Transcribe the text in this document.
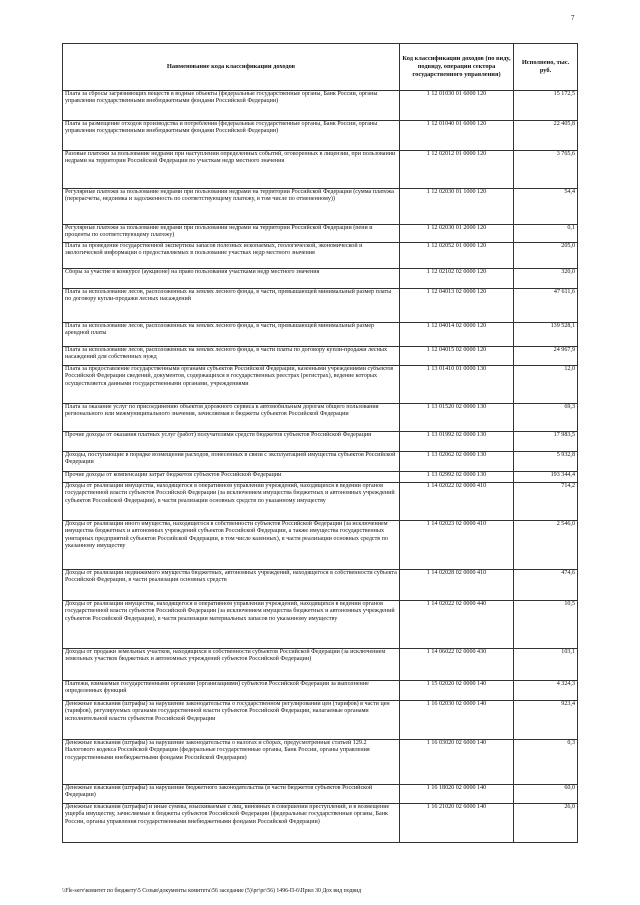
7
Наименование кода классификации доходов	Код классификации доходов (по виду, подвиду, операции сектора государственного управления)	Исполнено, тыс. руб.
Плата за сбросы загрязняющих веществ в водные объекты (федеральные государственные органы, Банк России, органы управления государственными внебюджетными фондами Российской Федерации)	1 12 01030 01 6000 120	15 172,5
Плата за размещение отходов производства и потребления (федеральные государственные органы, Банк России, органы управления государственными внебюджетными фондами Российской Федерации)	1 12 01040 01 6000 120	22 405,8
Разовые платежи за пользование недрами при наступлении определенных событий, оговоренных в лицензии, при пользовании недрами на территории Российской Федерации по участкам недр местного значения	1 12 02012 01 0000 120	3 765,6
Регулярные платежи за пользование недрами при пользовании недрами на территории Российской Федерации (сумма платежа (перерасчеты, недоимка и задолженность по соответствующему платежу, в том числе по отмененному))	1 12 02030 01 1000 120	54,4
Регулярные платежи за пользование недрами при пользовании недрами на территории Российской Федерации (пени и проценты по соответствующему платежу)	1 12 02030 01 2000 120	0,1
Плата за проведение государственной экспертизы запасов полезных ископаемых, геологической, экономической и экологической информации о предоставляемых в пользование участках недр местного значения	1 12 02052 01 0000 120	205,0
Сборы за участие в конкурсе (аукционе) на право пользования участками недр местного значения	1 12 02102 02 0000 120	320,0
Плата за использование лесов, расположенных на землях лесного фонда, в части, превышающей минимальный размер платы по договору купли-продажи лесных насаждений	1 12 04013 02 0000 120	47 611,6
Плата за использование лесов, расположенных на землях лесного фонда, в части, превышающей минимальный размер арендной платы	1 12 04014 02 0000 120	139 528,1
Плата за использование лесов, расположенных на землях лесного фонда, в части платы по договору купли-продажи лесных насаждений для собственных нужд	1 12 04015 02 0000 120	24 967,9
Плата за предоставление государственными органами субъектов Российской Федерации, казенными учреждениями субъектов Российской Федерации сведений, документов, содержащихся в государственных реестрах (регистрах), ведение которых осуществляется данными государственными органами, учреждениями	1 13 01410 01 0000 130	12,0
Плата за оказание услуг по присоединению объектов дорожного сервиса к автомобильным дорогам общего пользования регионального или межмуниципального значения, зачисляемая в бюджеты субъектов Российской Федерации	1 13 01520 02 0000 130	69,3
Прочие доходы от оказания платных услуг (работ) получателями средств бюджетов субъектов Российской Федерации	1 13 01992 02 0000 130	17 983,5
Доходы, поступающие в порядке возмещения расходов, понесенных в связи с эксплуатацией имущества субъектов Российской Федерации	1 13 02062 02 0000 130	5 932,8
Прочие доходы от компенсации затрат бюджетов субъектов Российской Федерации	1 13 02992 02 0000 130	193 344,4
Доходы от реализации имущества, находящегося в оперативном управлении учреждений, находящихся в ведении органов государственной власти субъектов Российской Федерации (за исключением имущества бюджетных и автономных учреждений субъектов Российской Федерации), в части реализации основных средств по указанному имуществу	1 14 02022 02 0000 410	714,2
Доходы от реализации иного имущества, находящегося в собственности субъектов Российской Федерации (за исключением имущества бюджетных и автономных учреждений субъектов Российской Федерации, а также имущества государственных унитарных предприятий субъектов Российской Федерации, в том числе казенных), в части реализации основных средств по указанному имуществу	1 14 02023 02 0000 410	2 546,0
Доходы от реализации недвижимого имущества бюджетных, автономных учреждений, находящегося в собственности субъекта Российской Федерации, в части реализации основных средств	1 14 02028 02 0000 410	474,6
Доходы от реализации имущества, находящегося в оперативном управлении учреждений, находящихся в ведении органов государственной власти субъектов Российской Федерации (за исключением имущества бюджетных и автономных учреждений субъектов Российской Федерации), в части реализации материальных запасов по указанному имуществу	1 14 02022 02 0000 440	10,5
Доходы от продажи земельных участков, находящихся в собственности субъектов Российской Федерации (за исключением земельных участков бюджетных и автономных учреждений субъектов Российской Федерации)	1 14 06022 02 0000 430	103,1
Платежи, взимаемые государственными органами (организациями) субъектов Российской Федерации за выполнение определенных функций	1 15 02020 02 0000 140	4 324,3
Денежные взыскания (штрафы) за нарушение законодательства о государственном регулировании цен (тарифов) в части цен (тарифов), регулируемых органами государственной власти субъектов Российской Федерации, налагаемые органами исполнительной власти субъектов Российской Федерации	1 16 02030 02 0000 140	923,4
Денежные взыскания (штрафы) за нарушение законодательства о налогах и сборах, предусмотренные статьей 129.2 Налогового кодекса Российской Федерации (федеральные государственные органы, Банк России, органы управления государственными внебюджетными фондами Российской Федерации)	1 16 03020 02 6000 140	0,3
Денежные взыскания (штрафы) за нарушение бюджетного законодательства (в части бюджетов субъектов Российской Федерации)	1 16 18020 02 0000 140	60,0
Денежные взыскания (штрафы) и иные суммы, взыскиваемые с лиц, виновных в совершении преступлений, и в возмещение ущерба имуществу, зачисляемые в бюджеты субъектов Российской Федерации (федеральные государственные органы, Банк России, органы управления государственными внебюджетными фондами Российской Федерации)	1 16 21020 02 6000 140	26,0
\\Fle-serv\комитет по бюджету\5 Созыв\документы комитета\56 заседание (5)\рг\рг\56) 1496-П-6\Прил 30 Дох вид подвид
